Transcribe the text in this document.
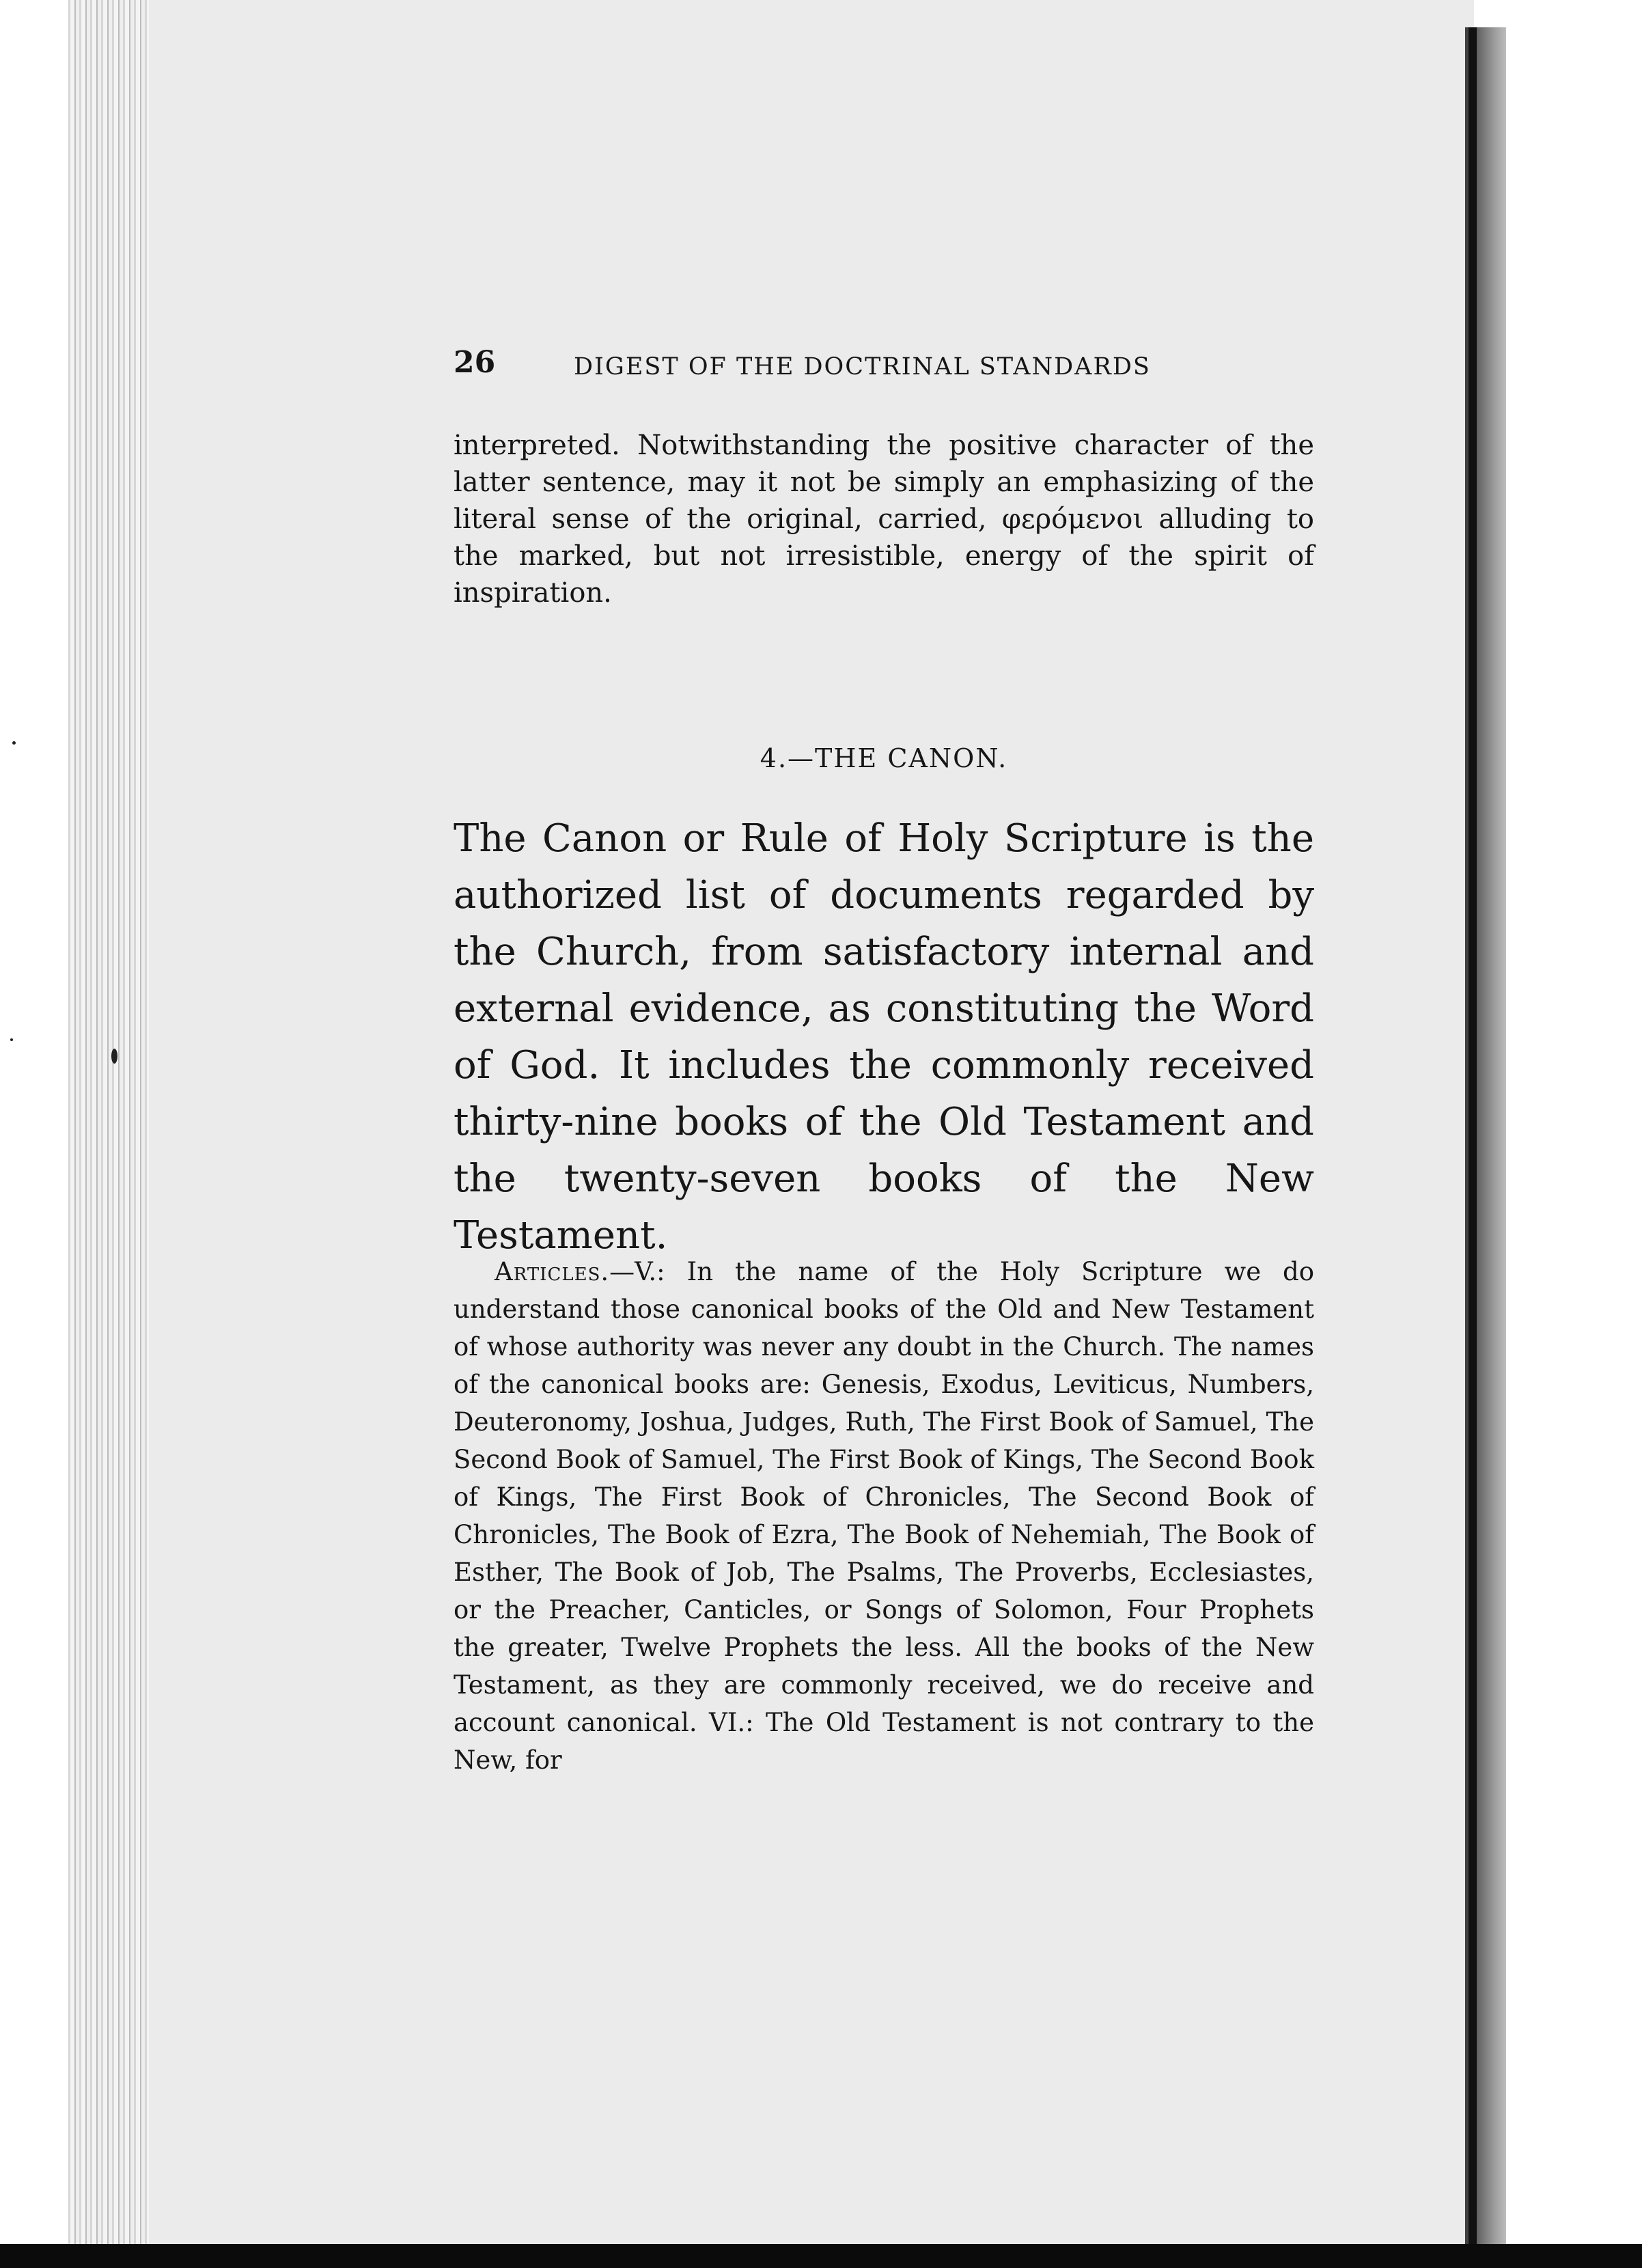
26	DIGEST OF THE DOCTRINAL STANDARDS
interpreted. Notwithstanding the positive character of the latter sentence, may it not be simply an emphasizing of the literal sense of the original, carried, φερόμενοι alluding to the marked, but not irresistible, energy of the spirit of inspiration.
4.—THE CANON.
The Canon or Rule of Holy Scripture is the authorized list of documents regarded by the Church, from satisfactory internal and external evidence, as constituting the Word of God. It includes the commonly received thirty-nine books of the Old Testament and the twenty-seven books of the New Testament.
Articles.—V.: In the name of the Holy Scripture we do understand those canonical books of the Old and New Testament of whose authority was never any doubt in the Church. The names of the canonical books are: Genesis, Exodus, Leviticus, Numbers, Deuteronomy, Joshua, Judges, Ruth, The First Book of Samuel, The Second Book of Samuel, The First Book of Kings, The Second Book of Kings, The First Book of Chronicles, The Second Book of Chronicles, The Book of Ezra, The Book of Nehemiah, The Book of Esther, The Book of Job, The Psalms, The Proverbs, Ecclesiastes, or the Preacher, Canticles, or Songs of Solomon, Four Prophets the greater, Twelve Prophets the less. All the books of the New Testament, as they are commonly received, we do receive and account canonical. VI.: The Old Testament is not contrary to the New, for
